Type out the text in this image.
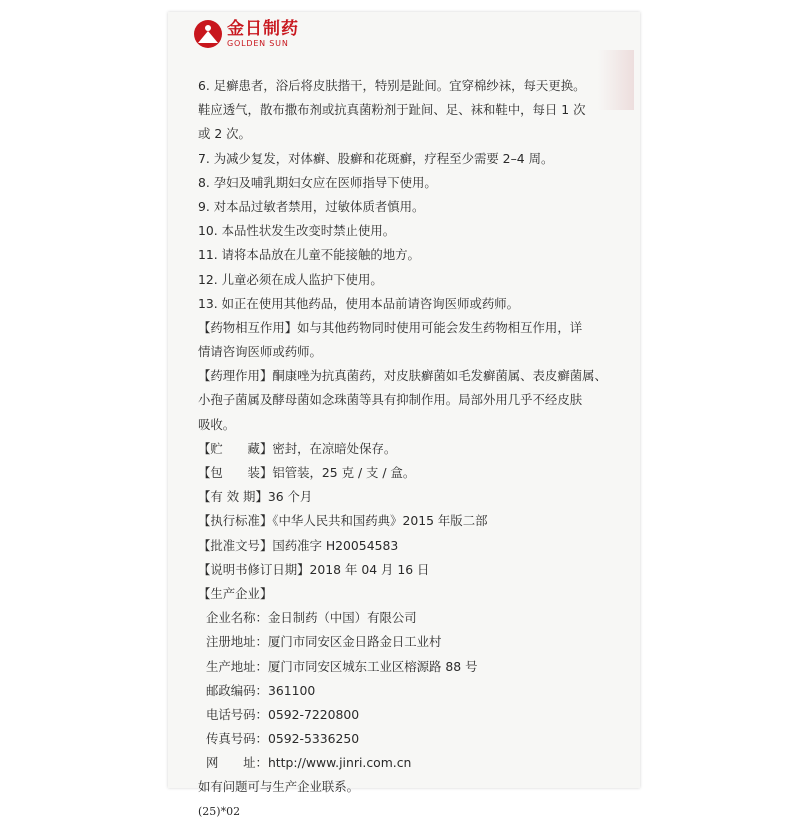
金日制药
GOLDEN SUN
6. 足癣患者，浴后将皮肤揩干，特别是趾间。宜穿棉纱袜，每天更换。
鞋应透气，散布撒布剂或抗真菌粉剂于趾间、足、袜和鞋中，每日 1 次
或 2 次。
7. 为减少复发，对体癣、股癣和花斑癣，疗程至少需要 2–4 周。
8. 孕妇及哺乳期妇女应在医师指导下使用。
9. 对本品过敏者禁用，过敏体质者慎用。
10. 本品性状发生改变时禁止使用。
11. 请将本品放在儿童不能接触的地方。
12. 儿童必须在成人监护下使用。
13. 如正在使用其他药品，使用本品前请咨询医师或药师。
【药物相互作用】如与其他药物同时使用可能会发生药物相互作用，详
情请咨询医师或药师。
【药理作用】酮康唑为抗真菌药，对皮肤癣菌如毛发癣菌属、表皮癣菌属、
小孢子菌属及酵母菌如念珠菌等具有抑制作用。局部外用几乎不经皮肤
吸收。
【贮　　藏】密封，在凉暗处保存。
【包　　装】铝管装，25 克 / 支 / 盒。
【有 效 期】36 个月
【执行标准】《中华人民共和国药典》2015 年版二部
【批准文号】国药准字 H20054583
【说明书修订日期】2018 年 04 月 16 日
【生产企业】
企业名称：金日制药（中国）有限公司
注册地址：厦门市同安区金日路金日工业村
生产地址：厦门市同安区城东工业区榕源路 88 号
邮政编码：361100
电话号码：0592-7220800
传真号码：0592-5336250
网　　址：http://www.jinri.com.cn
如有问题可与生产企业联系。
(25)*02
